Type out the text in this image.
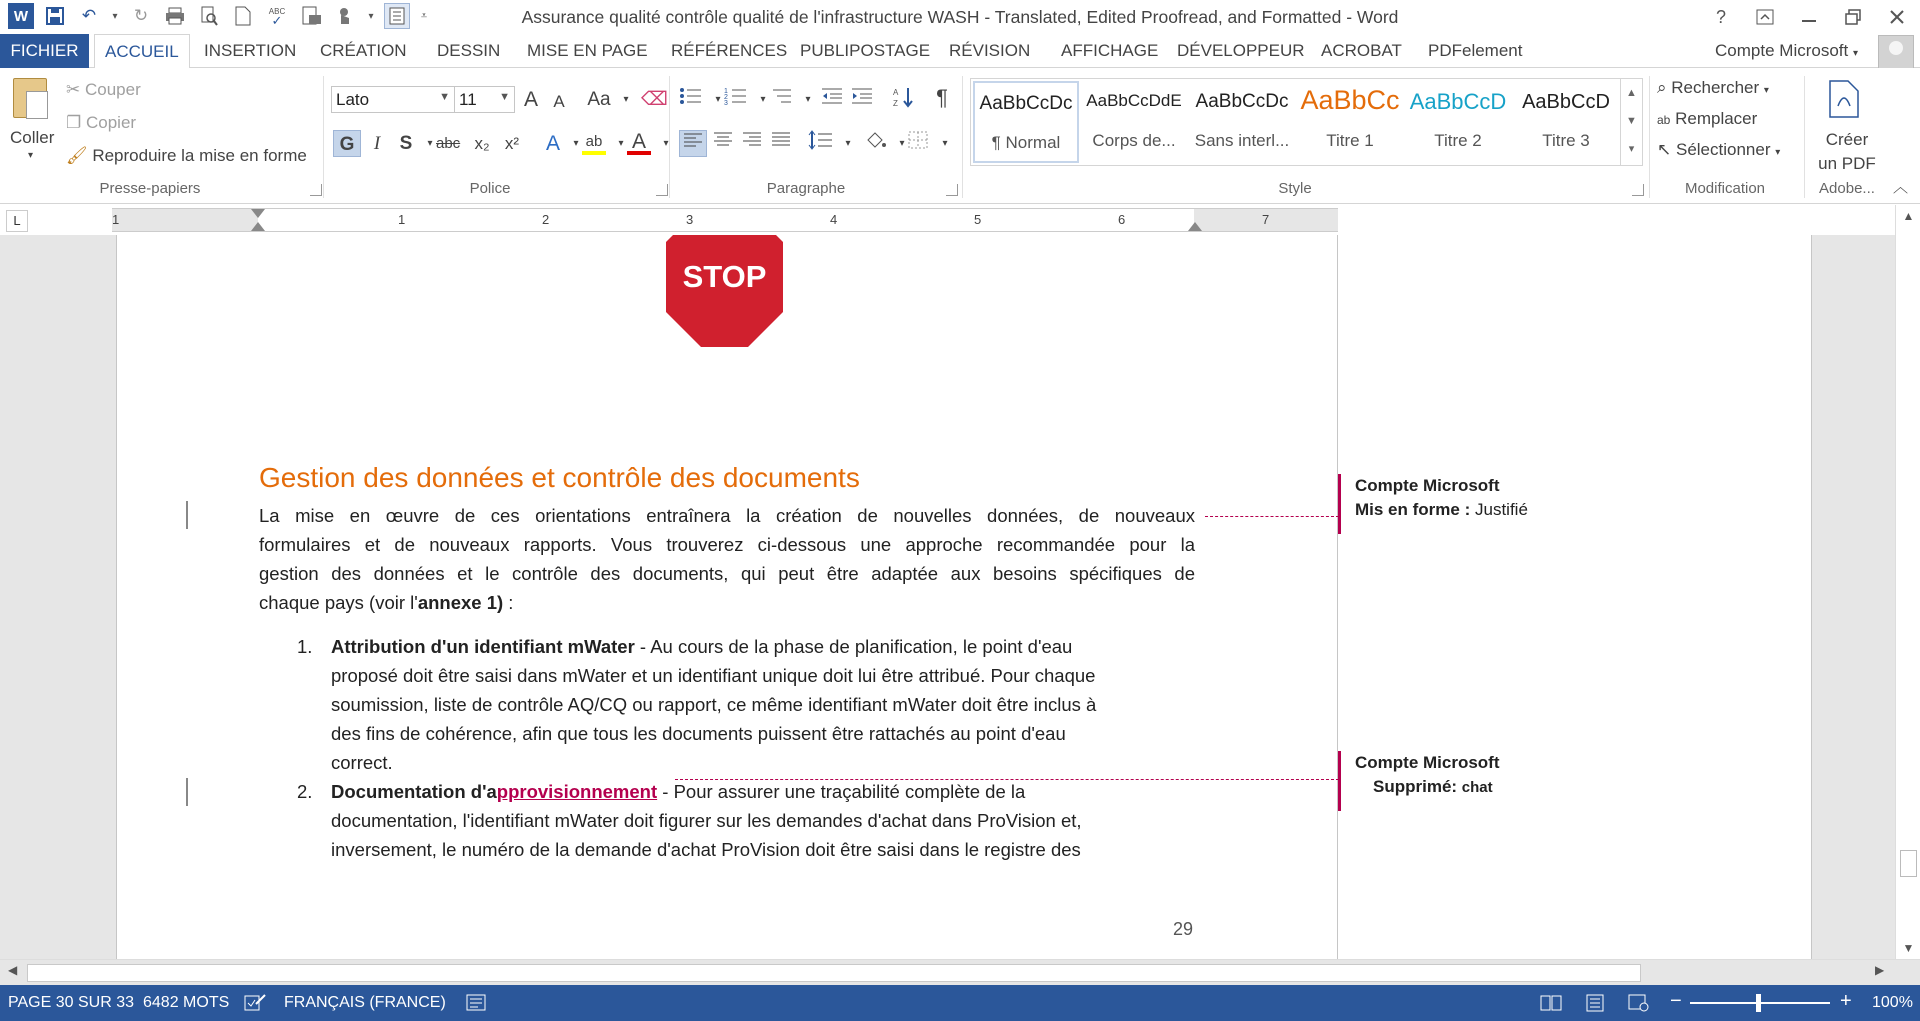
W	↶	▾ ↻	ABC
✓	▾	⩡	Assurance qualité contrôle qualité de l'infrastructure WASH - Translated, Edited Proofread, and Formatted - Word	?
FICHIER	ACCUEIL	INSERTION	CRÉATION	DESSIN	MISE EN PAGE	RÉFÉRENCES PUBLIPOSTAGE	RÉVISION	AFFICHAGE	DÉVELOPPEUR ACROBAT	PDFelement	Compte Microsoft ▾
Coller
▾
✂ Couper
❐ Copier
🖌 Reproduire la mise en forme
Presse-papiers
Lato	▼ 11 ▼ A A	Aa	▾ ⌫
G	I	S	▾ abc x₂ x² A	▾ ab	▾ A	▾
Police
▾
1
2
3	▾	▾
A
Z ¶
▾	▾	▾
Paragraphe
AaBbCcDc
¶ Normal
AaBbCcDdE
Corps de...
AaBbCcDc
Sans interl...
AaBbCc
Titre 1
AaBbCcD
Titre 2
AaBbCcD
Titre 3
▲
▼
▾
Style
⌕ Rechercher ▾
ab Remplacer
↖ Sélectionner ▾
Modification
Créer
un PDF
Adobe...	︿
L	1	1	2	3	4	5	6	7
STOP
Gestion des données et contrôle des documents
La mise en œuvre de ces orientations entraînera la création de nouvelles données, de nouveaux
formulaires et de nouveaux rapports. Vous trouverez ci-dessous une approche recommandée pour la
gestion des données et le contrôle des documents, qui peut être adaptée aux besoins spécifiques de
chaque pays (voir l'annexe 1) :
1. Attribution d'un identifiant mWater - Au cours de la phase de planification, le point d'eau
proposé doit être saisi dans mWater et un identifiant unique doit lui être attribué. Pour chaque
soumission, liste de contrôle AQ/CQ ou rapport, ce même identifiant mWater doit être inclus à
des fins de cohérence, afin que tous les documents puissent être rattachés au point d'eau
correct.
2. Documentation d'approvisionnement - Pour assurer une traçabilité complète de la
documentation, l'identifiant mWater doit figurer sur les demandes d'achat dans ProVision et,
inversement, le numéro de la demande d'achat ProVision doit être saisi dans le registre des
29
Compte Microsoft
Mis en forme : Justifié
Compte Microsoft
Supprimé: chat
▲
▼
◀	▶
PAGE 30 SUR 33 6482 MOTS	FRANÇAIS (FRANCE)	−	+ 100%
